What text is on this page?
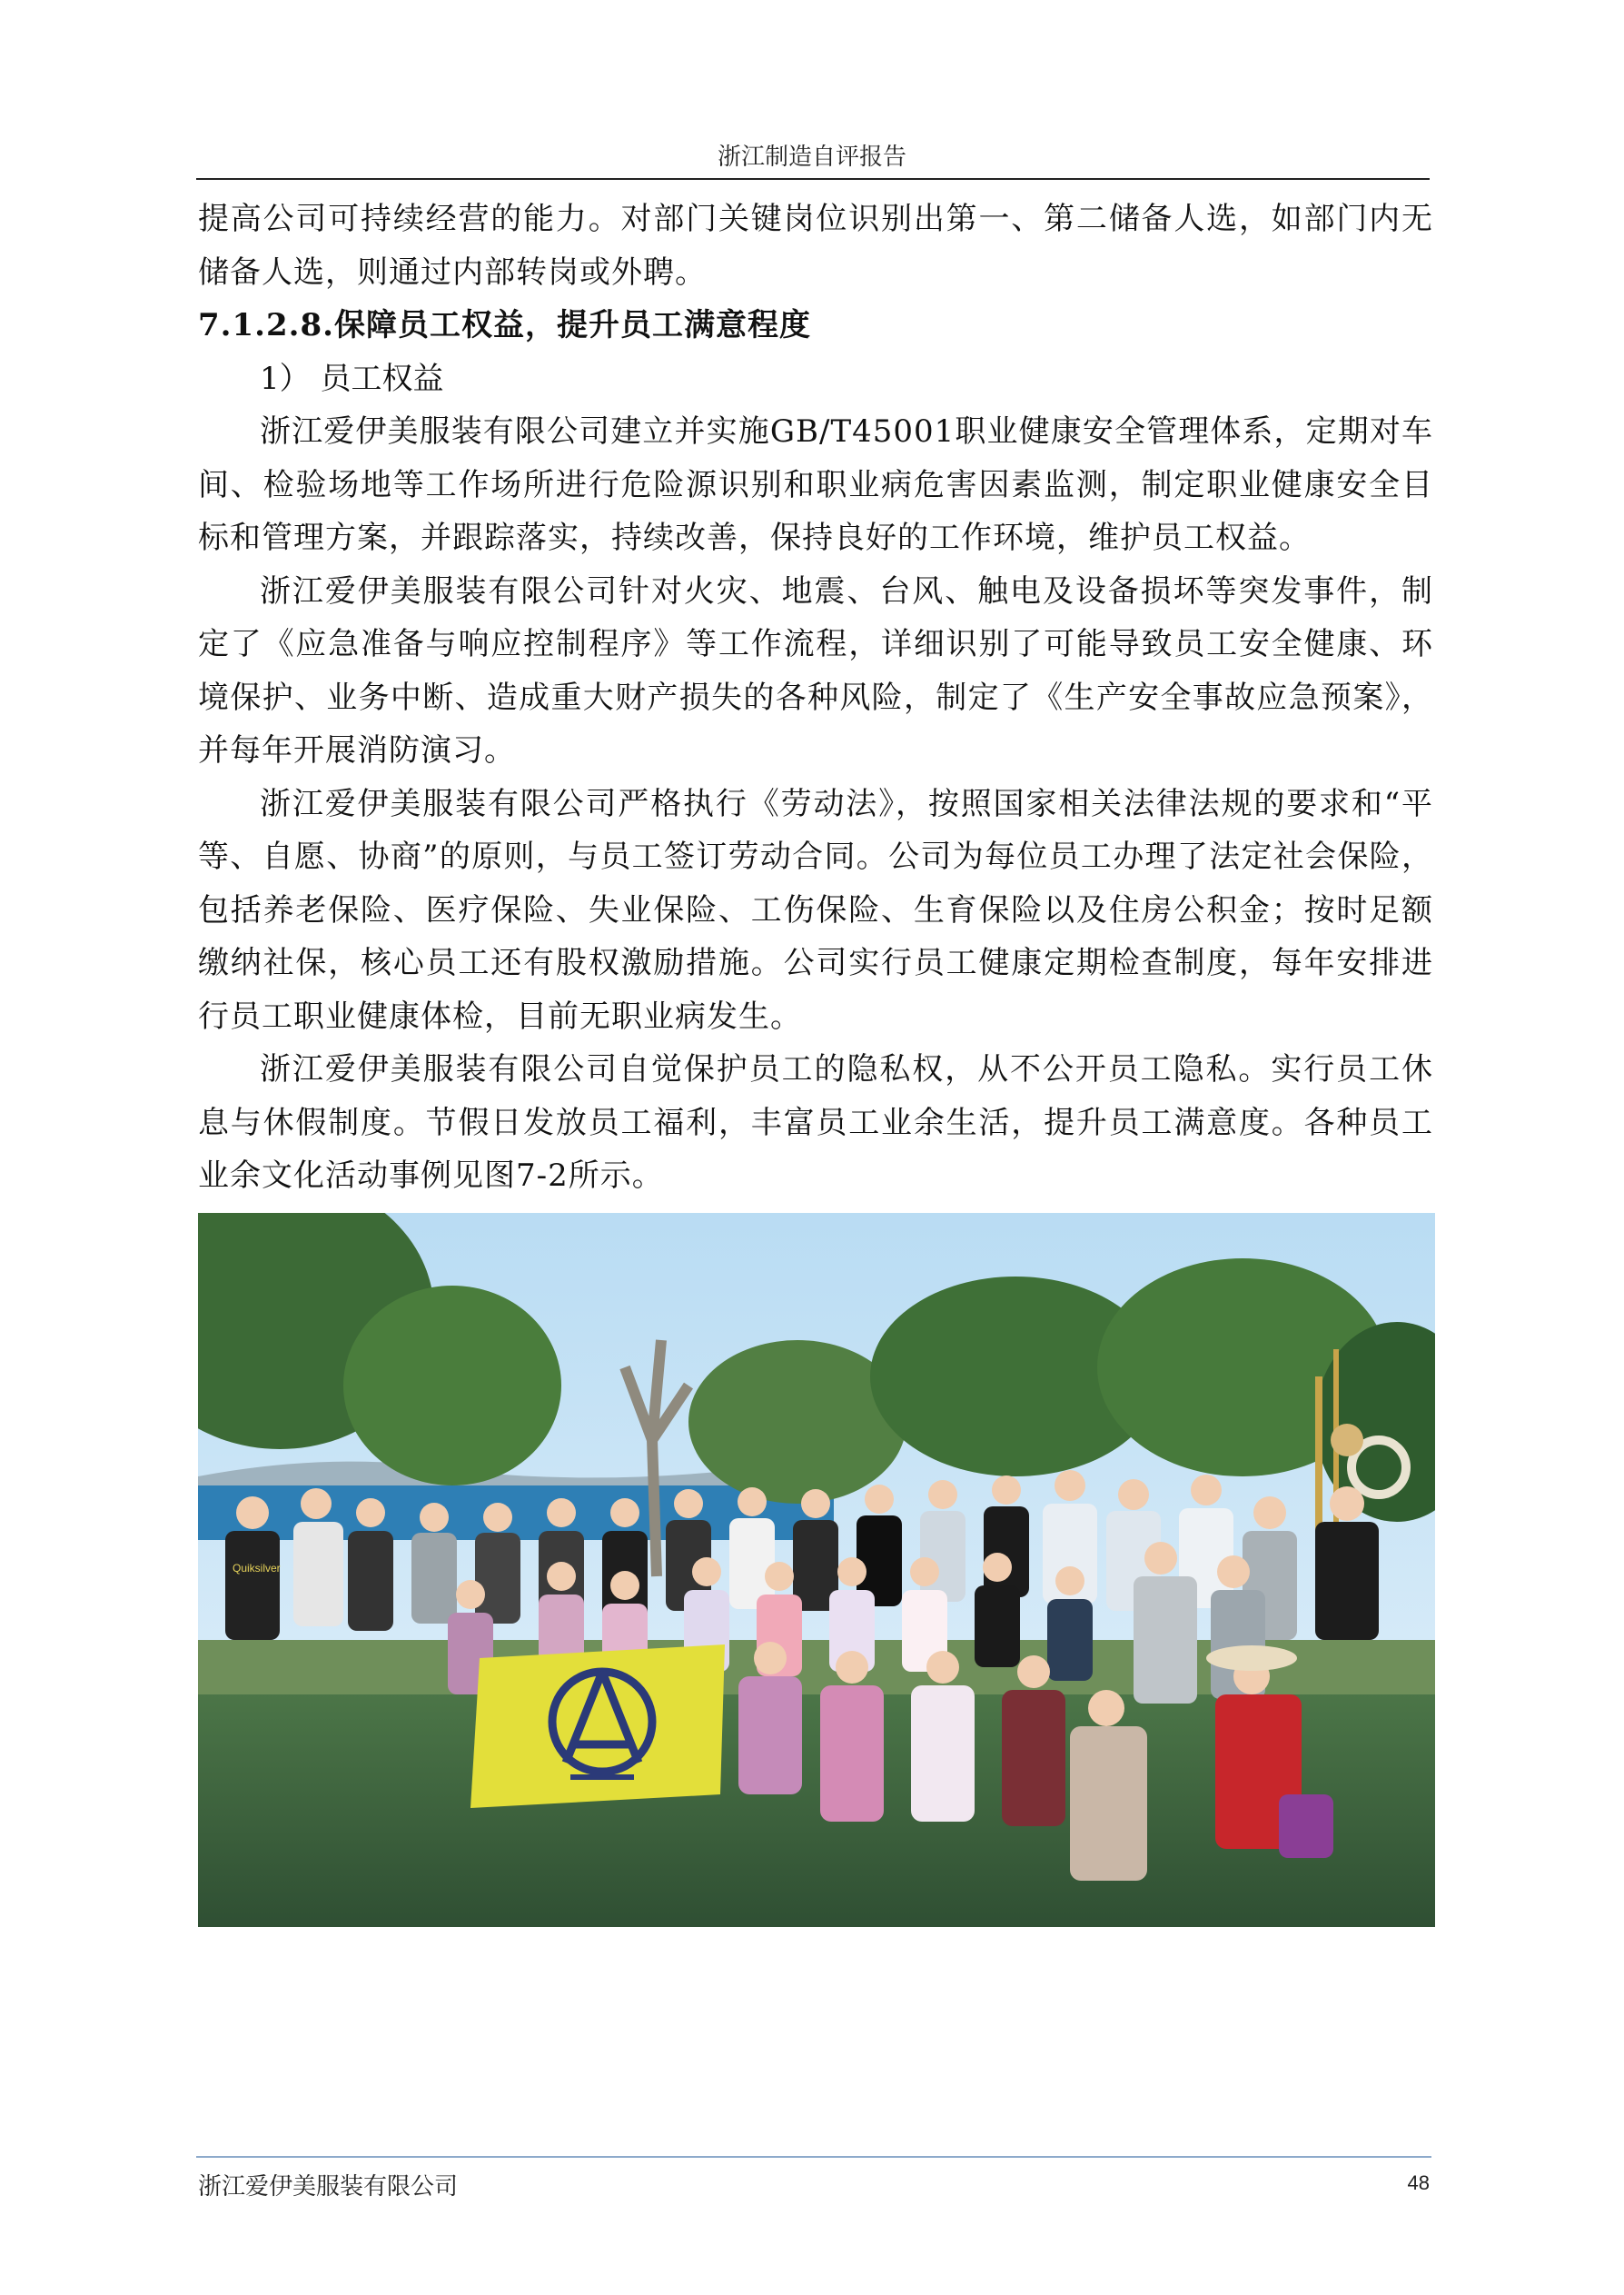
浙江制造自评报告

提高公司可持续经营的能力。对部门关键岗位识别出第一、第二储备人选，如部门内无储备人选，则通过内部转岗或外聘。

7.1.2.8.保障员工权益，提升员工满意程度

1） 员工权益

浙江爱伊美服装有限公司建立并实施GB/T45001职业健康安全管理体系，定期对车间、检验场地等工作场所进行危险源识别和职业病危害因素监测，制定职业健康安全目标和管理方案，并跟踪落实，持续改善，保持良好的工作环境，维护员工权益。

浙江爱伊美服装有限公司针对火灾、地震、台风、触电及设备损坏等突发事件，制定了《应急准备与响应控制程序》等工作流程，详细识别了可能导致员工安全健康、环境保护、业务中断、造成重大财产损失的各种风险，制定了《生产安全事故应急预案》，并每年开展消防演习。

浙江爱伊美服装有限公司严格执行《劳动法》，按照国家相关法律法规的要求和“平等、自愿、协商”的原则，与员工签订劳动合同。公司为每位员工办理了法定社会保险，包括养老保险、医疗保险、失业保险、工伤保险、生育保险以及住房公积金；按时足额缴纳社保，核心员工还有股权激励措施。公司实行员工健康定期检查制度，每年安排进行员工职业健康体检，目前无职业病发生。

浙江爱伊美服装有限公司自觉保护员工的隐私权，从不公开员工隐私。实行员工休息与休假制度。节假日发放员工福利，丰富员工业余生活，提升员工满意度。各种员工业余文化活动事例见图7-2所示。

Quiksilver
浙江爱伊美服装有限公司	48
